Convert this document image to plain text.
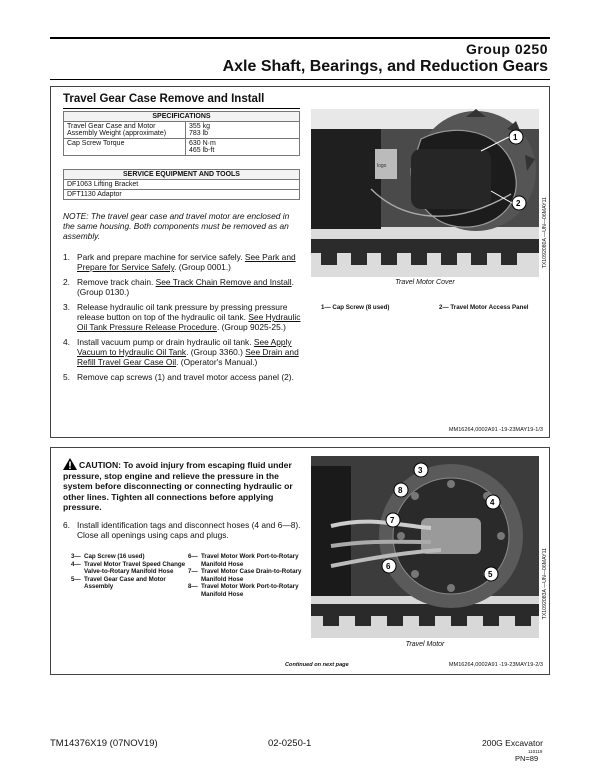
Group 0250
Axle Shaft, Bearings, and Reduction Gears
Travel Gear Case Remove and Install
SPECIFICATIONS	
Travel Gear Case and Motor Assembly Weight (approximate)	355 kg
783 lb
Cap Screw Torque	630 N·m
465 lb-ft
SERVICE EQUIPMENT AND TOOLS
DF1063 Lifting Bracket
DFT1130 Adaptor
NOTE: The travel gear case and travel motor are enclosed in the same housing. Both components must be removed as an assembly.
1. Park and prepare machine for service safely. See Park and Prepare for Service Safely. (Group 0001.)
2. Remove track chain. See Track Chain Remove and Install. (Group 0130.)
3. Release hydraulic oil tank pressure by pressing pressure release button on top of the hydraulic oil tank. See Hydraulic Oil Tank Pressure Release Procedure. (Group 9025-25.)
4. Install vacuum pump or drain hydraulic oil tank. See Apply Vacuum to Hydraulic Oil Tank. (Group 3360.) See Drain and Refill Travel Gear Case Oil. (Operator's Manual.)
5. Remove cap screws (1) and travel motor access panel (2).
logo
1
2	TX1092080A —UN—06MAY11
Travel Motor Cover
1— Cap Screw (8 used)	2— Travel Motor Access Panel
MM16264,0002A91 -19-23MAY19-1/3
CAUTION: To avoid injury from escaping fluid under pressure, stop engine and relieve the pressure in the system before disconnecting or connecting hydraulic or other lines. Tighten all connections before applying pressure.
6. Install identification tags and disconnect hoses (4 and 6—8). Close all openings using caps and plugs.
3— Cap Screw (16 used)
4— Travel Motor Travel Speed Change Valve-to-Rotary Manifold Hose
5— Travel Gear Case and Motor Assembly
6— Travel Motor Work Port-to-Rotary Manifold Hose
7— Travel Motor Case Drain-to-Rotary Manifold Hose
8— Travel Motor Work Port-to-Rotary Manifold Hose
3
4
5
6
7
8
TX1092083A —UN—06MAY11
Travel Motor
Continued on next page	MM16264,0002A91 -19-23MAY19-2/3
TM14376X19 (07NOV19)	02-0250-1	200G Excavator
110119
PN=89
